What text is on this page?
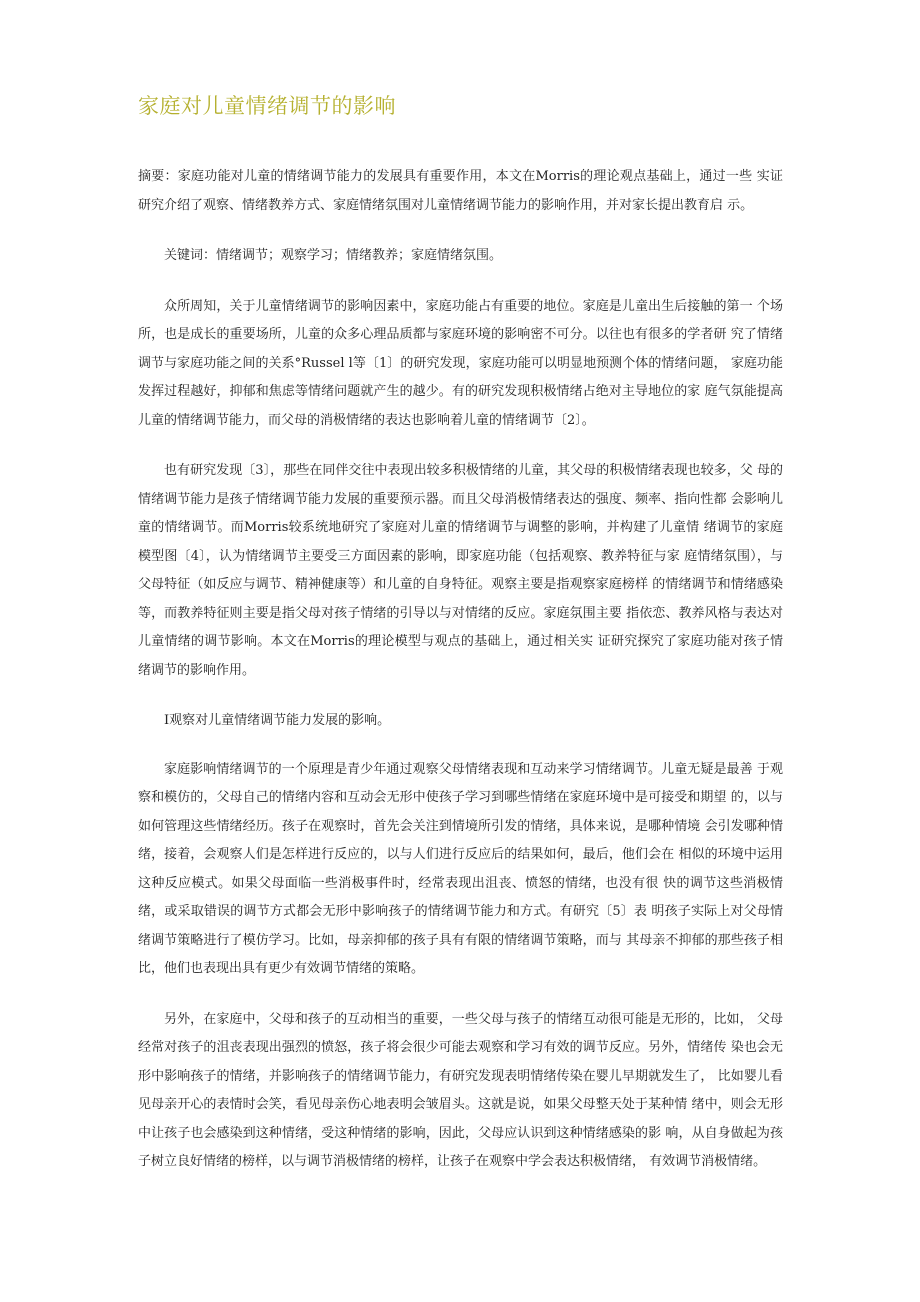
家庭对儿童情绪调节的影响

摘要：家庭功能对儿童的情绪调节能力的发展具有重要作用，本文在Morris的理论观点基础上，通过一些 实证研究介绍了观察、情绪教养方式、家庭情绪氛围对儿童情绪调节能力的影响作用，并对家长提出教育启 示。

关键词：情绪调节；观察学习；情绪教养；家庭情绪氛围。

众所周知，关于儿童情绪调节的影响因素中，家庭功能占有重要的地位。家庭是儿童出生后接触的第一 个场所，也是成长的重要场所，儿童的众多心理品质都与家庭环境的影响密不可分。以往也有很多的学者研 究了情绪调节与家庭功能之间的关系°Russel l等〔1〕的研究发现，家庭功能可以明显地预测个体的情绪问题， 家庭功能发挥过程越好，抑郁和焦虑等情绪问题就产生的越少。有的研究发现积极情绪占绝对主导地位的家 庭气氛能提高儿童的情绪调节能力，而父母的消极情绪的表达也影响着儿童的情绪调节〔2〕。

也有研究发现〔3〕，那些在同伴交往中表现出较多积极情绪的儿童，其父母的积极情绪表现也较多，父 母的情绪调节能力是孩子情绪调节能力发展的重要预示器。而且父母消极情绪表达的强度、频率、指向性都 会影响儿童的情绪调节。而Morris较系统地研究了家庭对儿童的情绪调节与调整的影响，并构建了儿童情 绪调节的家庭模型图〔4〕，认为情绪调节主要受三方面因素的影响，即家庭功能（包括观察、教养特征与家 庭情绪氛围），与父母特征（如反应与调节、精神健康等）和儿童的自身特征。观察主要是指观察家庭榜样 的情绪调节和情绪感染等，而教养特征则主要是指父母对孩子情绪的引导以与对情绪的反应。家庭氛围主要 指依恋、教养风格与表达对儿童情绪的调节影响。本文在Morris的理论模型与观点的基础上，通过相关实 证研究探究了家庭功能对孩子情绪调节的影响作用。

I观察对儿童情绪调节能力发展的影响。

家庭影响情绪调节的一个原理是青少年通过观察父母情绪表现和互动来学习情绪调节。儿童无疑是最善 于观察和模仿的，父母自己的情绪内容和互动会无形中使孩子学习到哪些情绪在家庭环境中是可接受和期望 的，以与如何管理这些情绪经历。孩子在观察时，首先会关注到情境所引发的情绪，具体来说，是哪种情境 会引发哪种情绪，接着，会观察人们是怎样进行反应的，以与人们进行反应后的结果如何，最后，他们会在 相似的环境中运用这种反应模式。如果父母面临一些消极事件时，经常表现出沮丧、愤怒的情绪，也没有很 快的调节这些消极情绪，或采取错误的调节方式都会无形中影响孩子的情绪调节能力和方式。有研究〔5〕表 明孩子实际上对父母情绪调节策略进行了模仿学习。比如，母亲抑郁的孩子具有有限的情绪调节策略，而与 其母亲不抑郁的那些孩子相比，他们也表现出具有更少有效调节情绪的策略。

另外，在家庭中，父母和孩子的互动相当的重要，一些父母与孩子的情绪互动很可能是无形的，比如， 父母经常对孩子的沮丧表现出强烈的愤怒，孩子将会很少可能去观察和学习有效的调节反应。另外，情绪传 染也会无形中影响孩子的情绪，并影响孩子的情绪调节能力，有研究发现表明情绪传染在婴儿早期就发生了， 比如婴儿看见母亲开心的表情时会笑，看见母亲伤心地表明会皱眉头。这就是说，如果父母整天处于某种情 绪中，则会无形中让孩子也会感染到这种情绪，受这种情绪的影响，因此，父母应认识到这种情绪感染的影 响，从自身做起为孩子树立良好情绪的榜样，以与调节消极情绪的榜样，让孩子在观察中学会表达积极情绪， 有效调节消极情绪。
